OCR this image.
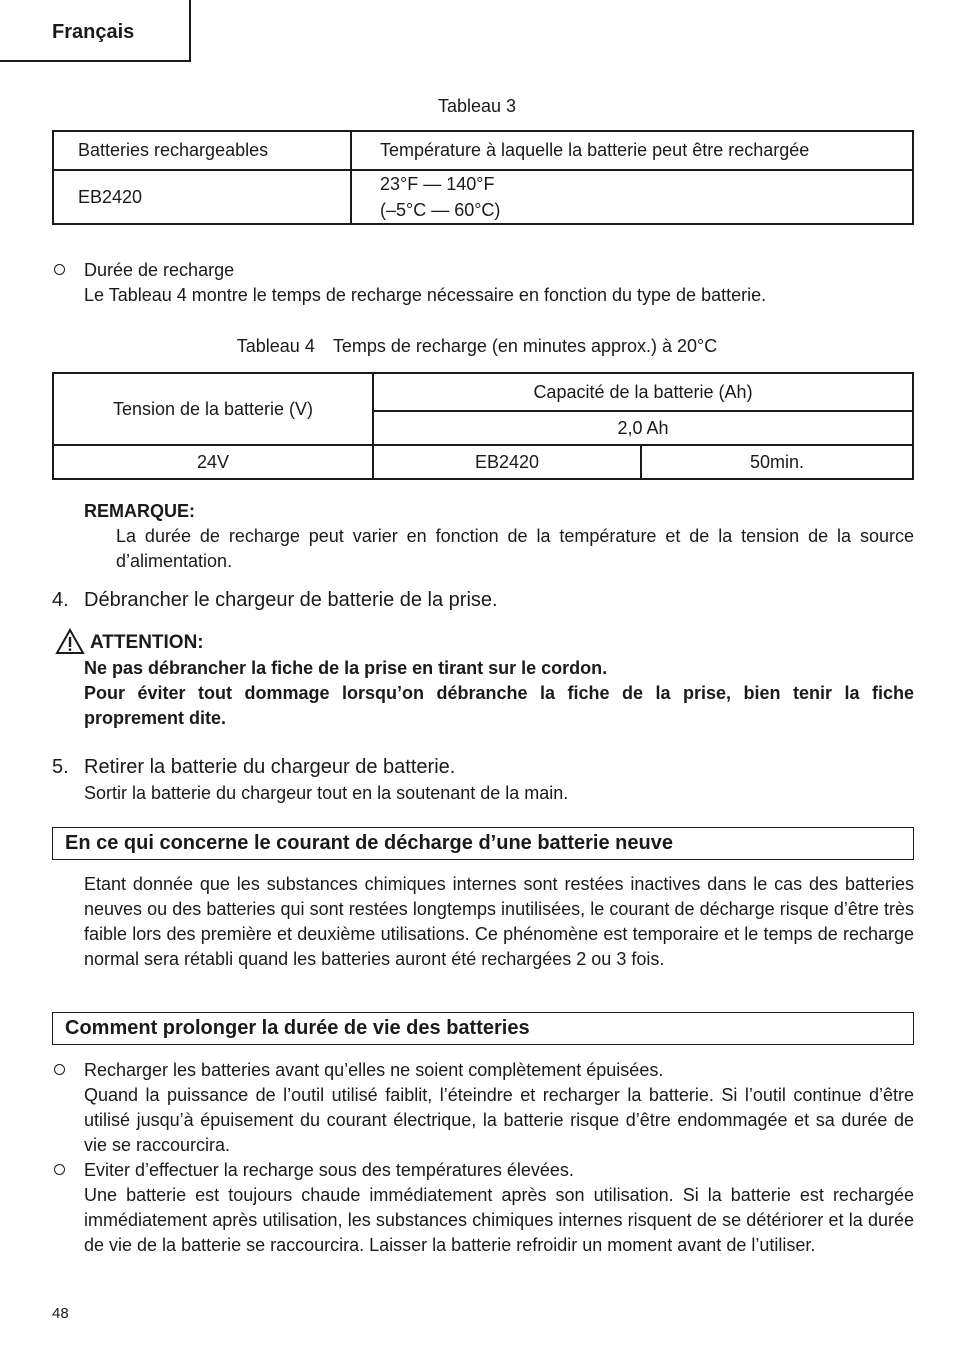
Français
Tableau 3
Batteries rechargeables	Température à laquelle la batterie peut être rechargée
EB2420	23°F — 140°F
(–5°C — 60°C)
Durée de recharge
Le Tableau 4 montre le temps de recharge nécessaire en fonction du type de batterie.
Tableau 4 Temps de recharge (en minutes approx.) à 20°C
Tension de la batterie (V)	Capacité de la batterie (Ah)	
	2,0 Ah	
24V	EB2420	50min.
REMARQUE:
La durée de recharge peut varier en fonction de la température et de la tension de la source d’alimentation.
4. Débrancher le chargeur de batterie de la prise.
ATTENTION:
Ne pas débrancher la fiche de la prise en tirant sur le cordon.
Pour éviter tout dommage lorsqu’on débranche la fiche de la prise, bien tenir la fiche proprement dite.
5. Retirer la batterie du chargeur de batterie.
Sortir la batterie du chargeur tout en la soutenant de la main.
En ce qui concerne le courant de décharge d’une batterie neuve
Etant donnée que les substances chimiques internes sont restées inactives dans le cas des batteries neuves ou des batteries qui sont restées longtemps inutilisées, le courant de décharge risque d’être très faible lors des première et deuxième utilisations. Ce phénomène est temporaire et le temps de recharge normal sera rétabli quand les batteries auront été rechargées 2 ou 3 fois.
Comment prolonger la durée de vie des batteries
Recharger les batteries avant qu’elles ne soient complètement épuisées.
Quand la puissance de l’outil utilisé faiblit, l’éteindre et recharger la batterie. Si l’outil continue d’être utilisé jusqu’à épuisement du courant électrique, la batterie risque d’être endommagée et sa durée de vie se raccourcira.
Eviter d’effectuer la recharge sous des températures élevées.
Une batterie est toujours chaude immédiatement après son utilisation. Si la batterie est rechargée immédiatement après utilisation, les substances chimiques internes risquent de se détériorer et la durée de vie de la batterie se raccourcira. Laisser la batterie refroidir un moment avant de l’utiliser.
48
